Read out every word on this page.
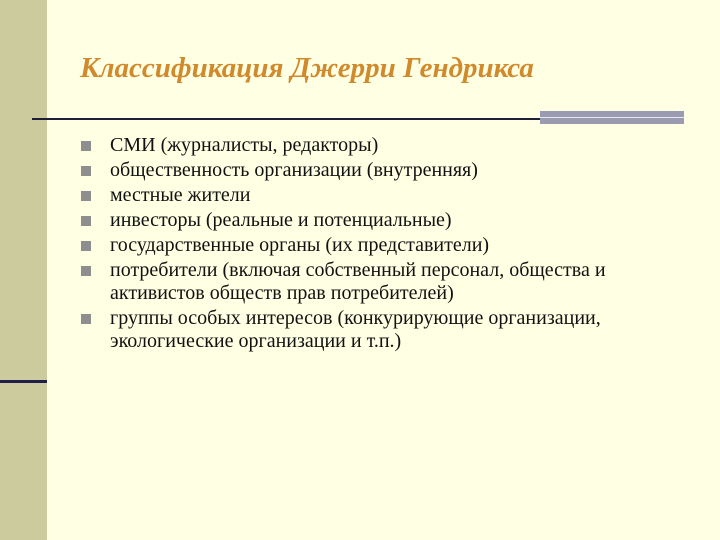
Классификация Джерри Гендрикса
СМИ (журналисты, редакторы)
общественность организации (внутренняя)
местные жители
инвесторы (реальные и потенциальные)
государственные органы (их представители)
потребители (включая собственный персонал, общества и активистов обществ прав потребителей)
группы особых интересов (конкурирующие организации, экологические организации и т.п.)
